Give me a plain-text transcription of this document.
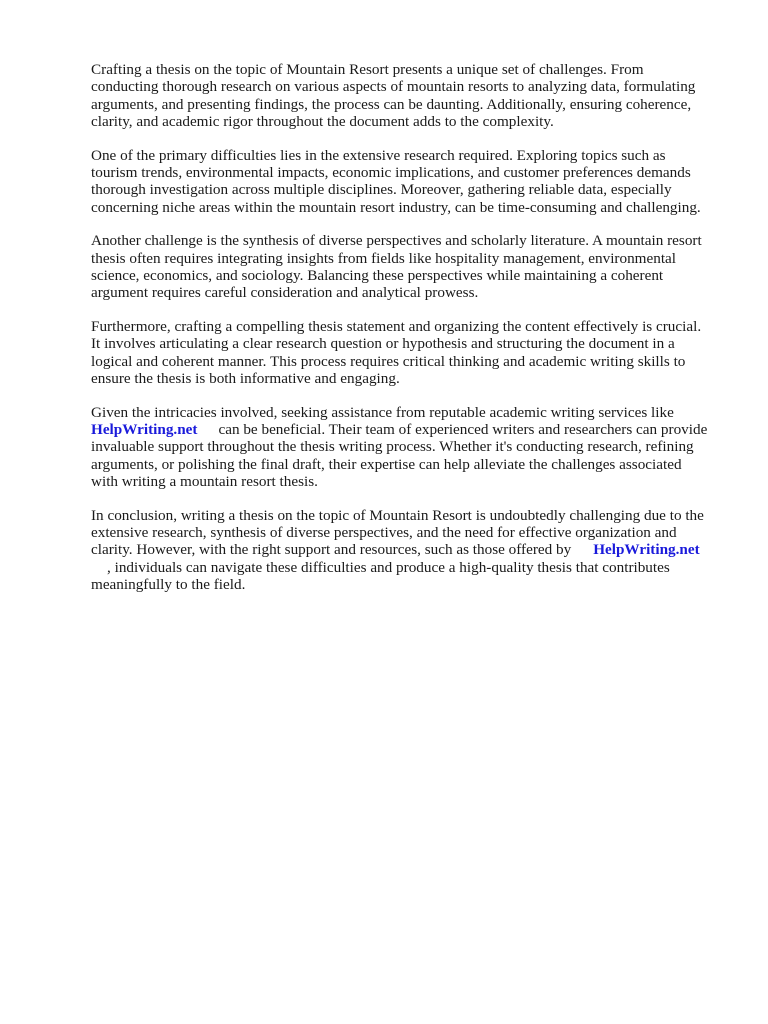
Crafting a thesis on the topic of Mountain Resort presents a unique set of challenges. From
conducting thorough research on various aspects of mountain resorts to analyzing data, formulating
arguments, and presenting findings, the process can be daunting. Additionally, ensuring coherence,
clarity, and academic rigor throughout the document adds to the complexity.

One of the primary difficulties lies in the extensive research required. Exploring topics such as
tourism trends, environmental impacts, economic implications, and customer preferences demands
thorough investigation across multiple disciplines. Moreover, gathering reliable data, especially
concerning niche areas within the mountain resort industry, can be time-consuming and challenging.

Another challenge is the synthesis of diverse perspectives and scholarly literature. A mountain resort
thesis often requires integrating insights from fields like hospitality management, environmental
science, economics, and sociology. Balancing these perspectives while maintaining a coherent
argument requires careful consideration and analytical prowess.

Furthermore, crafting a compelling thesis statement and organizing the content effectively is crucial.
It involves articulating a clear research question or hypothesis and structuring the document in a
logical and coherent manner. This process requires critical thinking and academic writing skills to
ensure the thesis is both informative and engaging.

Given the intricacies involved, seeking assistance from reputable academic writing services like
HelpWriting.net can be beneficial. Their team of experienced writers and researchers can provide
invaluable support throughout the thesis writing process. Whether it's conducting research, refining
arguments, or polishing the final draft, their expertise can help alleviate the challenges associated
with writing a mountain resort thesis.

In conclusion, writing a thesis on the topic of Mountain Resort is undoubtedly challenging due to the
extensive research, synthesis of diverse perspectives, and the need for effective organization and
clarity. However, with the right support and resources, such as those offered by HelpWriting.net
, individuals can navigate these difficulties and produce a high-quality thesis that contributes
meaningfully to the field.
